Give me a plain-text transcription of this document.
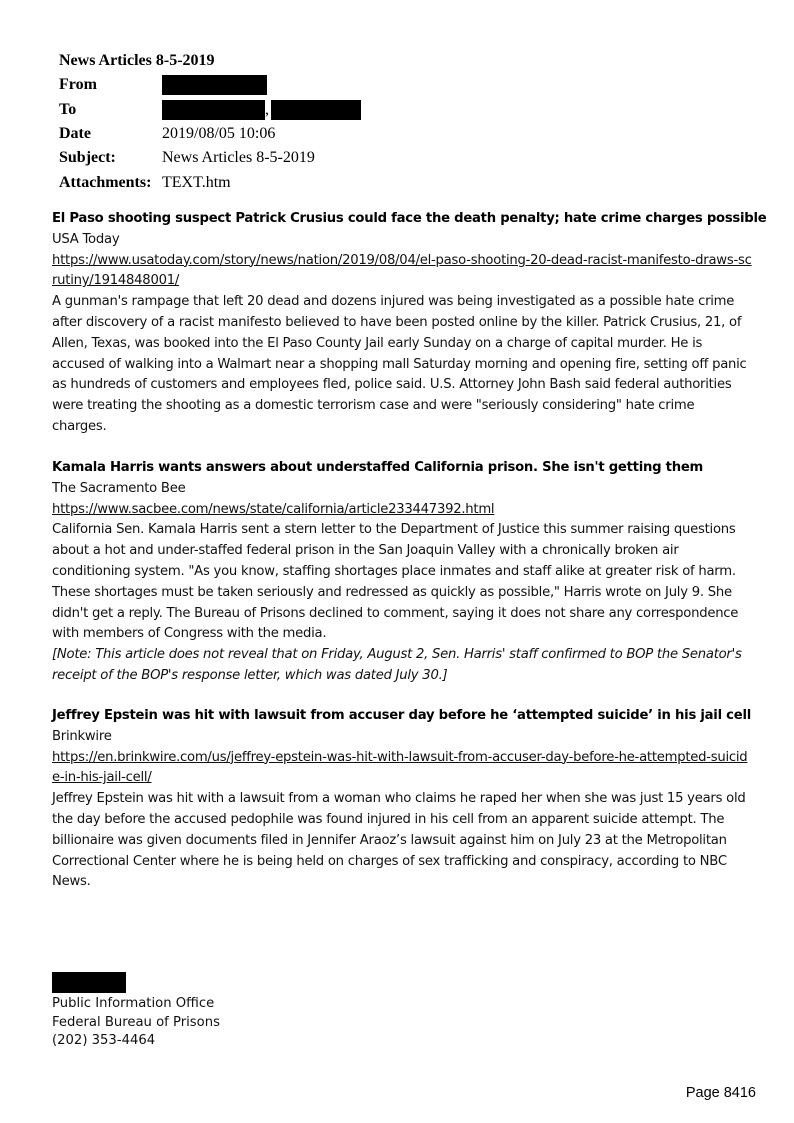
News Articles 8-5-2019
From
To	,
Date	2019/08/05 10:06
Subject:	News Articles 8-5-2019
Attachments: TEXT.htm
El Paso shooting suspect Patrick Crusius could face the death penalty; hate crime charges possible
USA Today
https://www.usatoday.com/story/news/nation/2019/08/04/el-paso-shooting-20-dead-racist-manifesto-draws-scrutiny/1914848001/
A gunman's rampage that left 20 dead and dozens injured was being investigated as a possible hate crime after discovery of a racist manifesto believed to have been posted online by the killer. Patrick Crusius, 21, of Allen, Texas, was booked into the El Paso County Jail early Sunday on a charge of capital murder. He is accused of walking into a Walmart near a shopping mall Saturday morning and opening fire, setting off panic as hundreds of customers and employees fled, police said. U.S. Attorney John Bash said federal authorities were treating the shooting as a domestic terrorism case and were "seriously considering" hate crime charges.
Kamala Harris wants answers about understaffed California prison. She isn't getting them
The Sacramento Bee
https://www.sacbee.com/news/state/california/article233447392.html
California Sen. Kamala Harris sent a stern letter to the Department of Justice this summer raising questions about a hot and under-staffed federal prison in the San Joaquin Valley with a chronically broken air conditioning system. "As you know, staffing shortages place inmates and staff alike at greater risk of harm. These shortages must be taken seriously and redressed as quickly as possible," Harris wrote on July 9. She didn't get a reply. The Bureau of Prisons declined to comment, saying it does not share any correspondence with members of Congress with the media.
[Note: This article does not reveal that on Friday, August 2, Sen. Harris' staff confirmed to BOP the Senator's receipt of the BOP's response letter, which was dated July 30.]
Jeffrey Epstein was hit with lawsuit from accuser day before he ‘attempted suicide’ in his jail cell
Brinkwire
https://en.brinkwire.com/us/jeffrey-epstein-was-hit-with-lawsuit-from-accuser-day-before-he-attempted-suicide-in-his-jail-cell/
Jeffrey Epstein was hit with a lawsuit from a woman who claims he raped her when she was just 15 years old the day before the accused pedophile was found injured in his cell from an apparent suicide attempt. The billionaire was given documents filed in Jennifer Araoz’s lawsuit against him on July 23 at the Metropolitan Correctional Center where he is being held on charges of sex trafficking and conspiracy, according to NBC News.
Public Information Office
Federal Bureau of Prisons
(202) 353-4464
Page 8416
